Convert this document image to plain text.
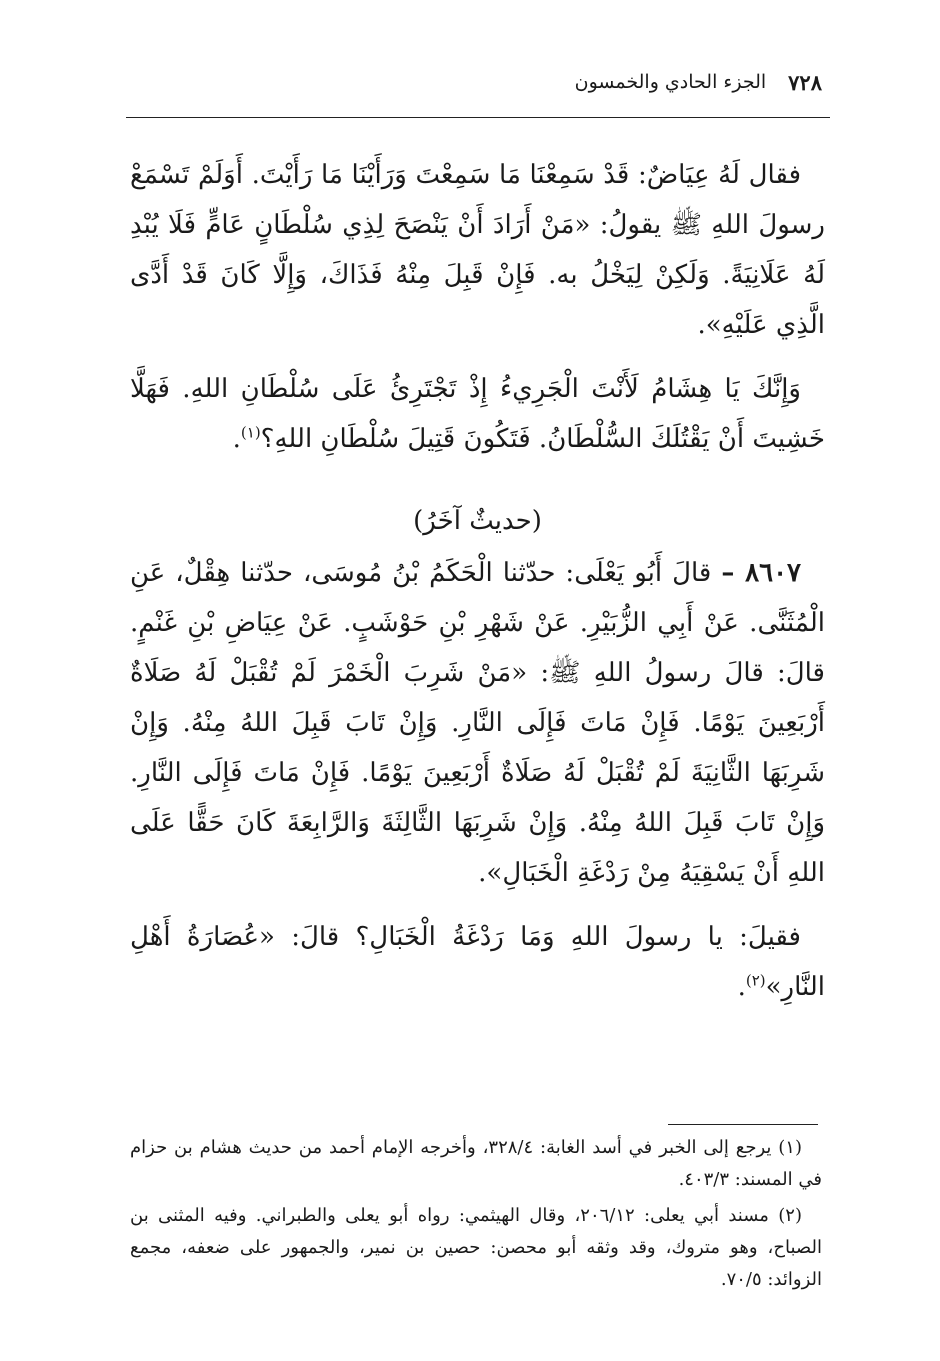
٧٢٨
الجزء الحادي والخمسون

فقال لَهُ عِيَاضٌ: قَدْ سَمِعْنَا مَا سَمِعْتَ وَرَأَيْنَا مَا رَأَيْتَ. أَوَلَمْ تَسْمَعْ رسولَ اللهِ ﷺ يقولُ: «مَنْ أَرَادَ أَنْ يَنْصَحَ لِذِي سُلْطَانٍ عَامٍّ فَلَا يُبْدِ لَهُ عَلَانِيَةً. وَلَكِنْ لِيَخْلُ به. فَإِنْ قَبِلَ مِنْهُ فَذَاكَ، وَإِلَّا كَانَ قَدْ أَدَّى الَّذِي عَلَيْهِ».

وَإِنَّكَ يَا هِشَامُ لَأَنْتَ الْجَرِيءُ إِذْ تَجْتَرِئُ عَلَى سُلْطَانِ اللهِ. فَهَلَّا خَشِيتَ أَنْ يَقْتُلَكَ السُّلْطَانُ. فَتَكُونَ قَتِيلَ سُلْطَانِ اللهِ؟$^{(١)}$.

(حديثٌ آخَرُ)

٨٦٠٧ – قالَ أَبُو يَعْلَى: حدّثنا الْحَكَمُ بْنُ مُوسَى، حدّثنا هِقْلٌ، عَنِ الْمُثَنَّى. عَنْ أَبِي الزُّبَيْرِ. عَنْ شَهْرِ بْنِ حَوْشَبٍ. عَنْ عِيَاضِ بْنِ غَنْمٍ. قالَ: قالَ رسولُ اللهِ ﷺ: «مَنْ شَرِبَ الْخَمْرَ لَمْ تُقْبَلْ لَهُ صَلَاةٌ أَرْبَعِينَ يَوْمًا. فَإِنْ مَاتَ فَإِلَى النَّارِ. وَإِنْ تَابَ قَبِلَ اللهُ مِنْهُ. وَإِنْ شَرِبَهَا الثَّانِيَةَ لَمْ تُقْبَلْ لَهُ صَلَاةٌ أَرْبَعِينَ يَوْمًا. فَإِنْ مَاتَ فَإِلَى النَّارِ. وَإِنْ تَابَ قَبِلَ اللهُ مِنْهُ. وَإِنْ شَرِبَهَا الثَّالِثَةَ وَالرَّابِعَةَ كَانَ حَقًّا عَلَى اللهِ أَنْ يَسْقِيَهُ مِنْ رَدْغَةِ الْخَبَالِ».

فقيلَ: يا رسولَ اللهِ وَمَا رَدْغَةُ الْخَبَالِ؟ قالَ: «عُصَارَةُ أَهْلِ النَّارِ»$^{(٢)}$.

(١) يرجع إلى الخبر في أسد الغابة: ٣٢٨/٤، وأخرجه الإمام أحمد من حديث هشام بن حزام في المسند: ٤٠٣/٣.

(٢) مسند أبي يعلى: ٢٠٦/١٢، وقال الهيثمي: رواه أبو يعلى والطبراني. وفيه المثنى بن الصباح، وهو متروك، وقد وثقه أبو محصن: حصين بن نمير، والجمهور على ضعفه، مجمع الزوائد: ٧٠/٥.
